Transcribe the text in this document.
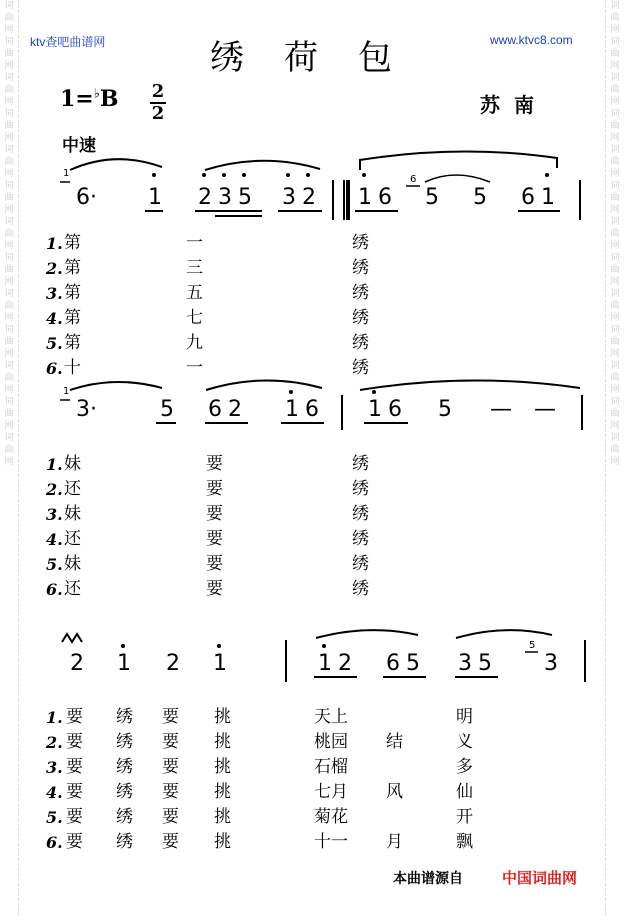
词曲网 词曲网 词曲网 词曲网 词曲网 词曲网 词曲网 词曲网 词曲网 词曲网 词曲网 词曲网 词曲网
词曲网 词曲网 词曲网 词曲网 词曲网 词曲网 词曲网 词曲网 词曲网 词曲网 词曲网 词曲网 词曲网
ktv查吧曲谱网	www.ktvc8.com
绣荷包
1=♭B 2
2	苏南
中速
1
6· 1 2 3 5 3 2 1 6
6
5 5 6 1
1. 第	一	绣
2. 第	三	绣
3. 第	五	绣
4. 第	七	绣
5. 第	九	绣
6. 十	一	绣
1
3·	5 6 2 1 6 1 6 5 — —
1. 妹	要	绣
2. 还	要	绣
3. 妹	要	绣
4. 还	要	绣
5. 妹	要	绣
6. 还	要	绣
2 1 2 1	1 2 6 5 3 5
5
3
1. 要 绣 要 挑	天上	明
2. 要 绣 要 挑	桃园 结	义
3. 要 绣 要 挑	石榴	多
4. 要 绣 要 挑	七月 风	仙
5. 要 绣 要 挑	菊花	开
6. 要 绣 要 挑	十一 月	飘
本曲谱源自	中国词曲网
